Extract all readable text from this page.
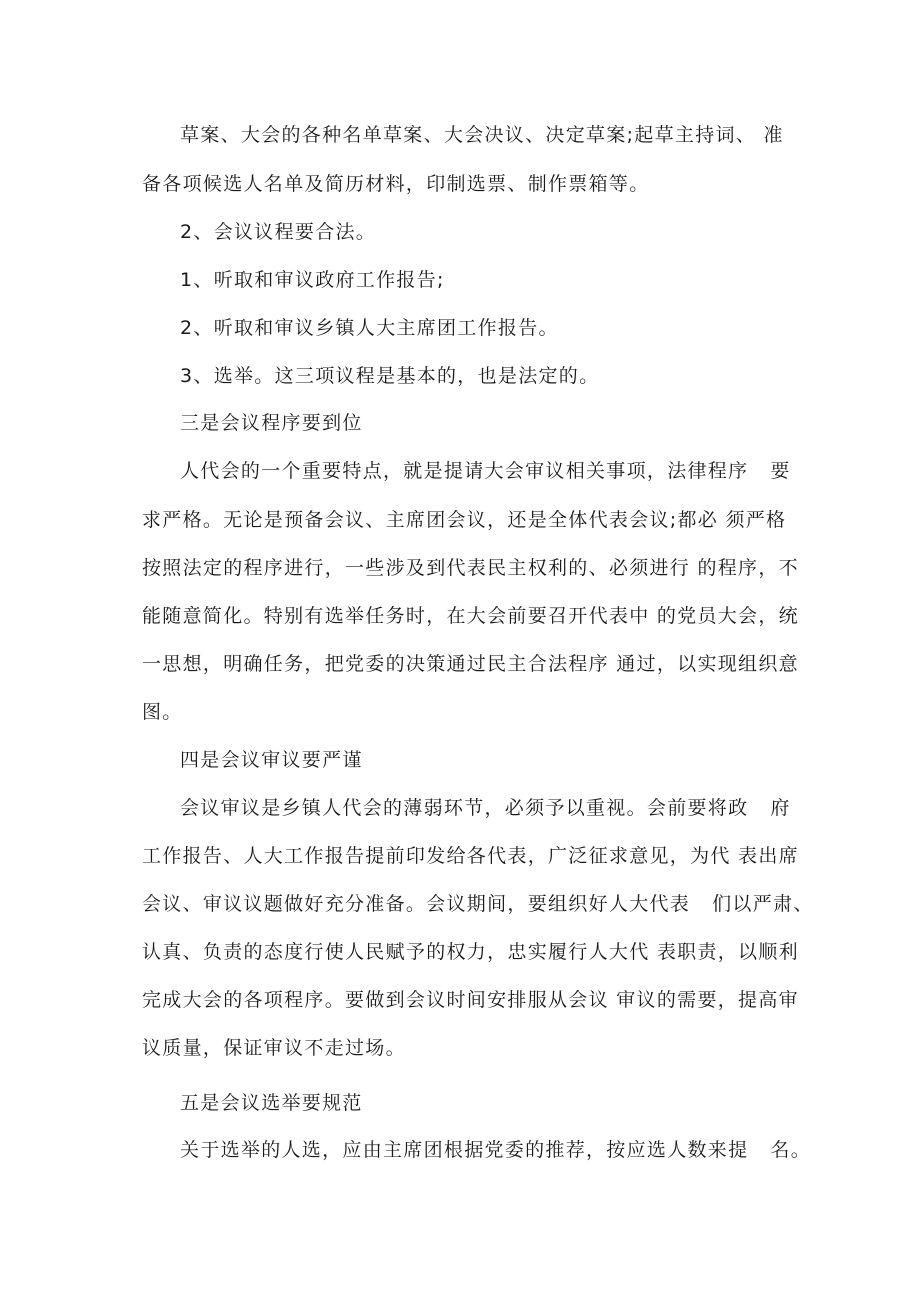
草案、大会的各种名单草案、大会决议、决定草案;起草主持词、 准
备各项候选人名单及简历材料，印制选票、制作票箱等。
2、会议议程要合法。
1、听取和审议政府工作报告;
2、听取和审议乡镇人大主席团工作报告。
3、选举。这三项议程是基本的，也是法定的。
三是会议程序要到位
人代会的一个重要特点，就是提请大会审议相关事项，法律程序   要
求严格。无论是预备会议、主席团会议，还是全体代表会议;都必 须严格
按照法定的程序进行，一些涉及到代表民主权利的、必须进行 的程序，不
能随意简化。特别有选举任务时，在大会前要召开代表中 的党员大会，统
一思想，明确任务，把党委的决策通过民主合法程序 通过，以实现组织意
图。
四是会议审议要严谨
会议审议是乡镇人代会的薄弱环节，必须予以重视。会前要将政   府
工作报告、人大工作报告提前印发给各代表，广泛征求意见，为代 表出席
会议、审议议题做好充分准备。会议期间，要组织好人大代表   们以严肃、
认真、负责的态度行使人民赋予的权力，忠实履行人大代 表职责，以顺利
完成大会的各项程序。要做到会议时间安排服从会议 审议的需要，提高审
议质量，保证审议不走过场。
五是会议选举要规范
关于选举的人选，应由主席团根据党委的推荐，按应选人数来提   名。
